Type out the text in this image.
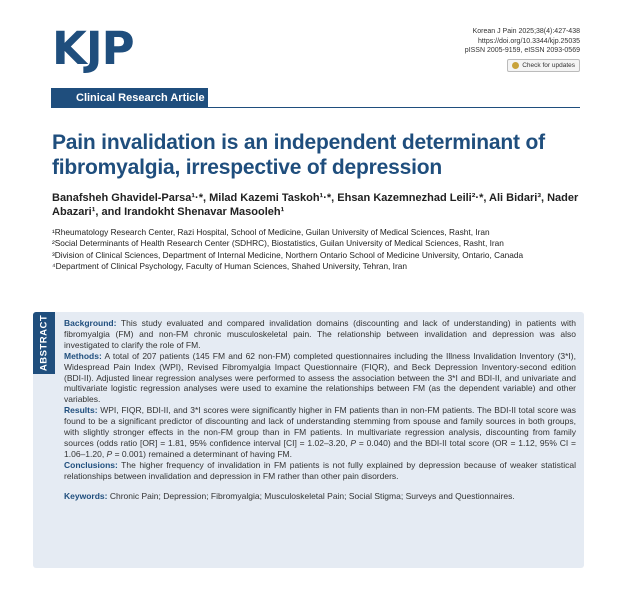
KJP
Clinical Research Article
Korean J Pain 2025;38(4):427-438
https://doi.org/10.3344/kjp.25035
pISSN 2005-9159, eISSN 2093-0569
Check for updates
Pain invalidation is an independent determinant of fibromyalgia, irrespective of depression
Banafsheh Ghavidel-Parsa¹·*, Milad Kazemi Taskoh¹·*, Ehsan Kazemnezhad Leili²·*, Ali Bidari³, Nader Abazari¹, and Irandokht Shenavar Masooleh¹
¹Rheumatology Research Center, Razi Hospital, School of Medicine, Guilan University of Medical Sciences, Rasht, Iran
²Social Determinants of Health Research Center (SDHRC), Biostatistics, Guilan University of Medical Sciences, Rasht, Iran
³Division of Clinical Sciences, Department of Internal Medicine, Northern Ontario School of Medicine University, Ontario, Canada
⁴Department of Clinical Psychology, Faculty of Human Sciences, Shahed University, Tehran, Iran
ABSTRACT Background: This study evaluated and compared invalidation domains (discounting and lack of understanding) in patients with fibromyalgia (FM) and non-FM chronic musculoskeletal pain. The relationship between invalidation and depression was also investigated to clarify the role of FM.

Methods: A total of 207 patients (145 FM and 62 non-FM) completed questionnaires including the Illness Invalidation Inventory (3*I), Widespread Pain Index (WPI), Revised Fibromyalgia Impact Questionnaire (FIQR), and Beck Depression Inventory-second edition (BDI-II). Adjusted linear regression analyses were performed to assess the association between the 3*I and BDI-II, and univariate and multivariate logistic regression analyses were used to examine the relationships between FM (as the dependent variable) and other variables.

Results: WPI, FIQR, BDI-II, and 3*I scores were significantly higher in FM patients than in non-FM patients. The BDI-II total score was found to be a significant predictor of discounting and lack of understanding stemming from spouse and family sources in both groups, with slightly stronger effects in the non-FM group than in FM patients. In multivariate regression analysis, discounting from family sources (odds ratio [OR] = 1.81, 95% confidence interval [CI] = 1.02–3.20, P = 0.040) and the BDI-II total score (OR = 1.12, 95% CI = 1.06–1.20, P = 0.001) remained a determinant of having FM.

Conclusions: The higher frequency of invalidation in FM patients is not fully explained by depression because of weaker statistical relationships between invalidation and depression in FM rather than other pain disorders.

Keywords: Chronic Pain; Depression; Fibromyalgia; Musculoskeletal Pain; Social Stigma; Surveys and Questionnaires.
